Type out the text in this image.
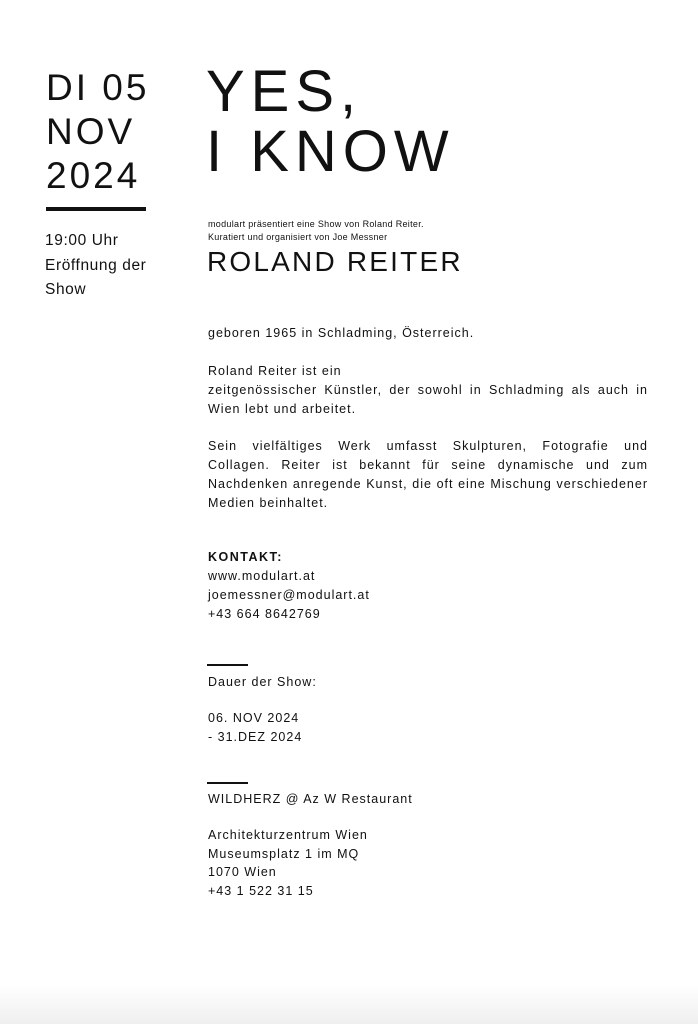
DI 05
NOV
2024
19:00 Uhr
Eröffnung der
Show
YES,
I KNOW
modulart präsentiert eine Show von Roland Reiter.
Kuratiert und organisiert von Joe Messner
ROLAND REITER

geboren 1965 in Schladming, Österreich.

Roland Reiter ist ein
zeitgenössischer Künstler, der sowohl in Schladming als auch in Wien lebt und arbeitet.

Sein vielfältiges Werk umfasst Skulpturen, Fotografie und Collagen. Reiter ist bekannt für seine dynamische und zum Nachdenken anregende Kunst, die oft eine Mischung verschiedener Medien beinhaltet.

KONTAKT:
www.modulart.at
joemessner@modulart.at
+43 664 8642769
Dauer der Show:
06. NOV 2024
- 31.DEZ 2024
WILDHERZ @ Az W Restaurant
Architekturzentrum Wien
Museumsplatz 1 im MQ
1070 Wien
+43 1 522 31 15
